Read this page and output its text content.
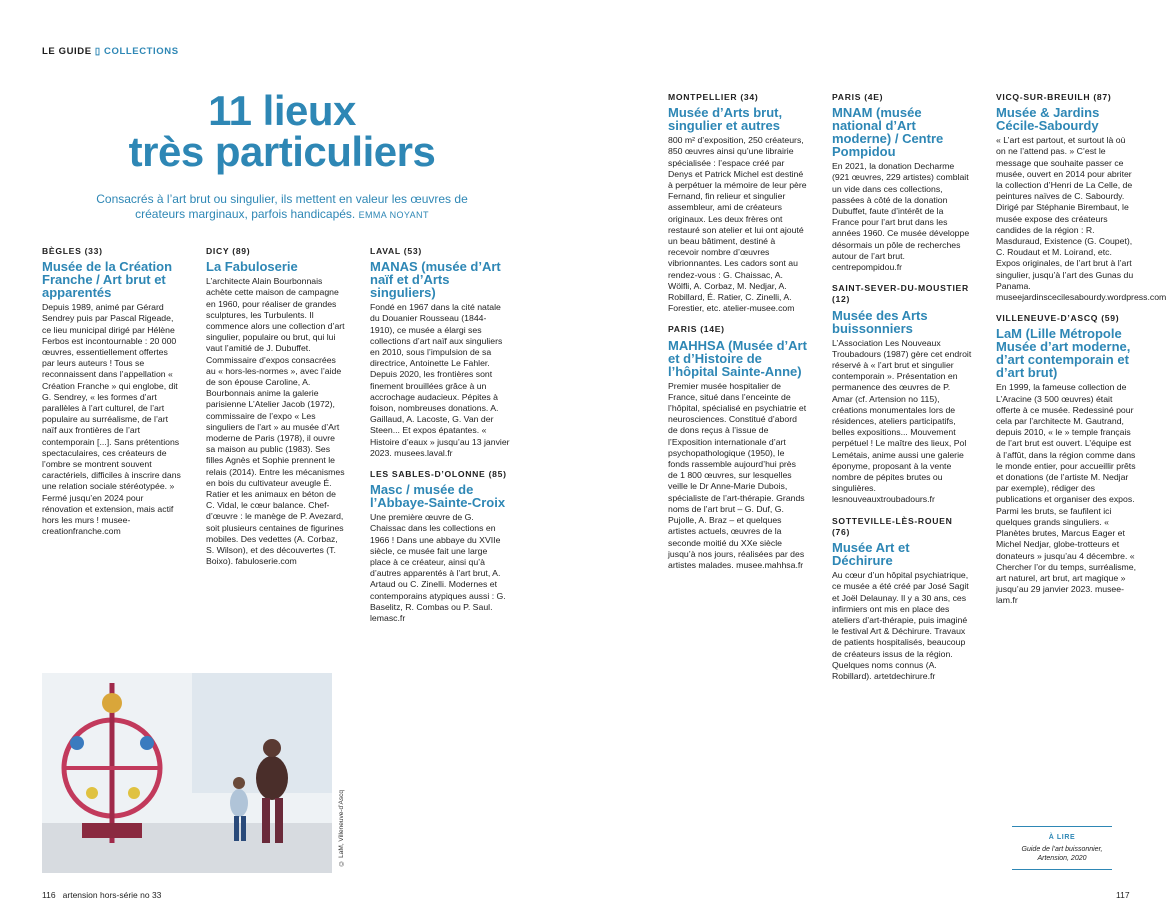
LE GUIDE ▯ COLLECTIONS
11 lieux
très particuliers
Consacrés à l’art brut ou singulier, ils mettent en valeur les œuvres de créateurs marginaux, parfois handicapés. EMMA NOYANT
BÈGLES (33)
Musée de la Création Franche / Art brut et apparentés
Depuis 1989, animé par Gérard Sendrey puis par Pascal Rigeade, ce lieu municipal dirigé par Hélène Ferbos est incontournable : 20 000 œuvres, essentiellement offertes par leurs auteurs ! Tous se reconnaissent dans l’appellation « Création Franche » qui englobe, dit G. Sendrey, « les formes d’art parallèles à l’art culturel, de l’art populaire au surréalisme, de l’art naïf aux frontières de l’art contemporain [...]. Sans prétentions spectaculaires, ces créateurs de l’ombre se montrent souvent caractériels, difficiles à inscrire dans une relation sociale stéréotypée. » Fermé jusqu’en 2024 pour rénovation et extension, mais actif hors les murs ! musee-creationfranche.com
DICY (89)
La Fabuloserie
L’architecte Alain Bourbonnais achète cette maison de campagne en 1960, pour réaliser de grandes sculptures, les Turbulents. Il commence alors une collection d’art singulier, populaire ou brut, qui lui vaut l’amitié de J. Dubuffet. Commissaire d’expos consacrées au « hors-les-normes », avec l’aide de son épouse Caroline, A. Bourbonnais anime la galerie parisienne L’Atelier Jacob (1972), commissaire de l’expo « Les singuliers de l’art » au musée d’Art moderne de Paris (1978), il ouvre sa maison au public (1983). Ses filles Agnès et Sophie prennent le relais (2014). Entre les mécanismes en bois du cultivateur aveugle É. Ratier et les animaux en béton de C. Vidal, le cœur balance. Chef-d’œuvre : le manège de P. Avezard, soit plusieurs centaines de figurines mobiles. Des vedettes (A. Corbaz, S. Wilson), et des découvertes (T. Boixo). fabuloserie.com
LAVAL (53)
MANAS (musée d’Art naïf et d’Arts singuliers)
Fondé en 1967 dans la cité natale du Douanier Rousseau (1844-1910), ce musée a élargi ses collections d’art naïf aux singuliers en 2010, sous l’impulsion de sa directrice, Antoinette Le Fahler. Depuis 2020, les frontières sont finement brouillées grâce à un accrochage audacieux. Pépites à foison, nombreuses donations. A. Gaillaud, A. Lacoste, G. Van der Steen... Et expos épatantes. « Histoire d’eaux » jusqu’au 13 janvier 2023. musees.laval.fr
LES SABLES-D’OLONNE (85)
Masc / musée de l’Abbaye-Sainte-Croix
Une première œuvre de G. Chaissac dans les collections en 1966 ! Dans une abbaye du XVIIe siècle, ce musée fait une large place à ce créateur, ainsi qu’à d’autres apparentés à l’art brut, A. Artaud ou C. Zinelli. Modernes et contemporains atypiques aussi : G. Baselitz, R. Combas ou P. Saul. lemasc.fr
MONTPELLIER (34)
Musée d’Arts brut, singulier et autres
800 m² d’exposition, 250 créateurs, 850 œuvres ainsi qu’une librairie spécialisée : l’espace créé par Denys et Patrick Michel est destiné à perpétuer la mémoire de leur père Fernand, fin relieur et singulier assembleur, ami de créateurs originaux. Les deux frères ont restauré son atelier et lui ont ajouté un beau bâtiment, destiné à recevoir nombre d’œuvres vibrionnantes. Les cadors sont au rendez-vous : G. Chaissac, A. Wölfli, A. Corbaz, M. Nedjar, A. Robillard, É. Ratier, C. Zinelli, A. Forestier, etc. atelier-musee.com
PARIS (14E)
MAHHSA (Musée d’Art et d’Histoire de l’hôpital Sainte-Anne)
Premier musée hospitalier de France, situé dans l’enceinte de l’hôpital, spécialisé en psychiatrie et neurosciences. Constitué d’abord de dons reçus à l’issue de l’Exposition internationale d’art psychopathologique (1950), le fonds rassemble aujourd’hui près de 1 800 œuvres, sur lesquelles veille le Dr Anne-Marie Dubois, spécialiste de l’art-thérapie. Grands noms de l’art brut – G. Duf, G. Pujolle, A. Braz – et quelques artistes actuels, œuvres de la seconde moitié du XXe siècle jusqu’à nos jours, réalisées par des artistes malades. musee.mahhsa.fr
PARIS (4E)
MNAM (musée national d’Art moderne) / Centre Pompidou
En 2021, la donation Decharme (921 œuvres, 229 artistes) comblait un vide dans ces collections, passées à côté de la donation Dubuffet, faute d’intérêt de la France pour l’art brut dans les années 1960. Ce musée développe désormais un pôle de recherches autour de l’art brut. centrepompidou.fr
SAINT-SEVER-DU-MOUSTIER (12)
Musée des Arts buissonniers
L’Association Les Nouveaux Troubadours (1987) gère cet endroit réservé à « l’art brut et singulier contemporain ». Présentation en permanence des œuvres de P. Amar (cf. Artension no 115), créations monumentales lors de résidences, ateliers participatifs, belles expositions... Mouvement perpétuel ! Le maître des lieux, Pol Lemétais, anime aussi une galerie éponyme, proposant à la vente nombre de pépites brutes ou singulières. lesnouveauxtroubadours.fr
SOTTEVILLE-LÈS-ROUEN (76)
Musée Art et Déchirure
Au cœur d’un hôpital psychiatrique, ce musée a été créé par José Sagit et Joël Delaunay. Il y a 30 ans, ces infirmiers ont mis en place des ateliers d’art-thérapie, puis imaginé le festival Art & Déchirure. Travaux de patients hospitalisés, beaucoup de créateurs issus de la région. Quelques noms connus (A. Robillard). artetdechirure.fr
VICQ-SUR-BREUILH (87)
Musée & Jardins Cécile-Sabourdy
« L’art est partout, et surtout là où on ne l’attend pas. » C’est le message que souhaite passer ce musée, ouvert en 2014 pour abriter la collection d’Henri de La Celle, de peintures naïves de C. Sabourdy. Dirigé par Stéphanie Birembaut, le musée expose des créateurs candides de la région : R. Masduraud, Existence (G. Coupet), C. Roudaut et M. Loirand, etc. Expos originales, de l’art brut à l’art singulier, jusqu’à l’art des Gunas du Panama. museejardinscecilesabourdy.wordpress.com
VILLENEUVE-D’ASCQ (59)
LaM (Lille Métropole Musée d’art moderne, d’art contemporain et d’art brut)
En 1999, la fameuse collection de L’Aracine (3 500 œuvres) était offerte à ce musée. Redessiné pour cela par l’architecte M. Gautrand, depuis 2010, « le » temple français de l’art brut est ouvert. L’équipe est à l’affût, dans la région comme dans le monde entier, pour accueillir prêts et donations (de l’artiste M. Nedjar par exemple), rédiger des publications et organiser des expos. Parmi les bruts, se faufilent ici quelques grands singuliers. « Planètes brutes, Marcus Eager et Michel Nedjar, globe-trotteurs et donateurs » jusqu’au 4 décembre. « Chercher l’or du temps, surréalisme, art naturel, art brut, art magique » jusqu’au 29 janvier 2023. musee-lam.fr
© LaM, Villeneuve-d’Ascq	À LIRE
Guide de l’art buissonnier, Artension, 2020
116 artension hors-série no 33	117
